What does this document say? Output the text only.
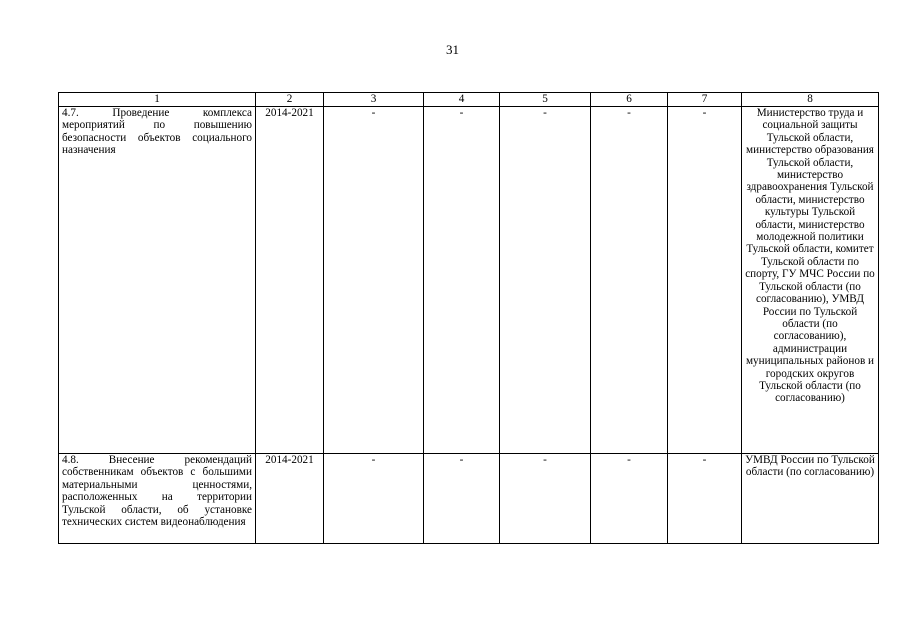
31
1	2	3	4	5	6	7	8
4.7. Проведение комплекса мероприятий по повышению безопасности объектов социального назначения	2014-2021	-	-	-	-	-	Министерство труда и социальной защиты Тульской области, министерство образования Тульской области, министерство здравоохранения Тульской области, министерство культуры Тульской области, министерство молодежной политики Тульской области, комитет Тульской области по спорту, ГУ МЧС России по Тульской области (по согласованию), УМВД России по Тульской области (по согласованию), администрации муниципальных районов и городских округов Тульской области (по согласованию)
4.8. Внесение рекомендаций собственникам объектов с большими материальными ценностями, расположенных на территории Тульской области, об установке технических систем видеонаблюдения	2014-2021	-	-	-	-	-	УМВД России по Тульской области (по согласованию)
